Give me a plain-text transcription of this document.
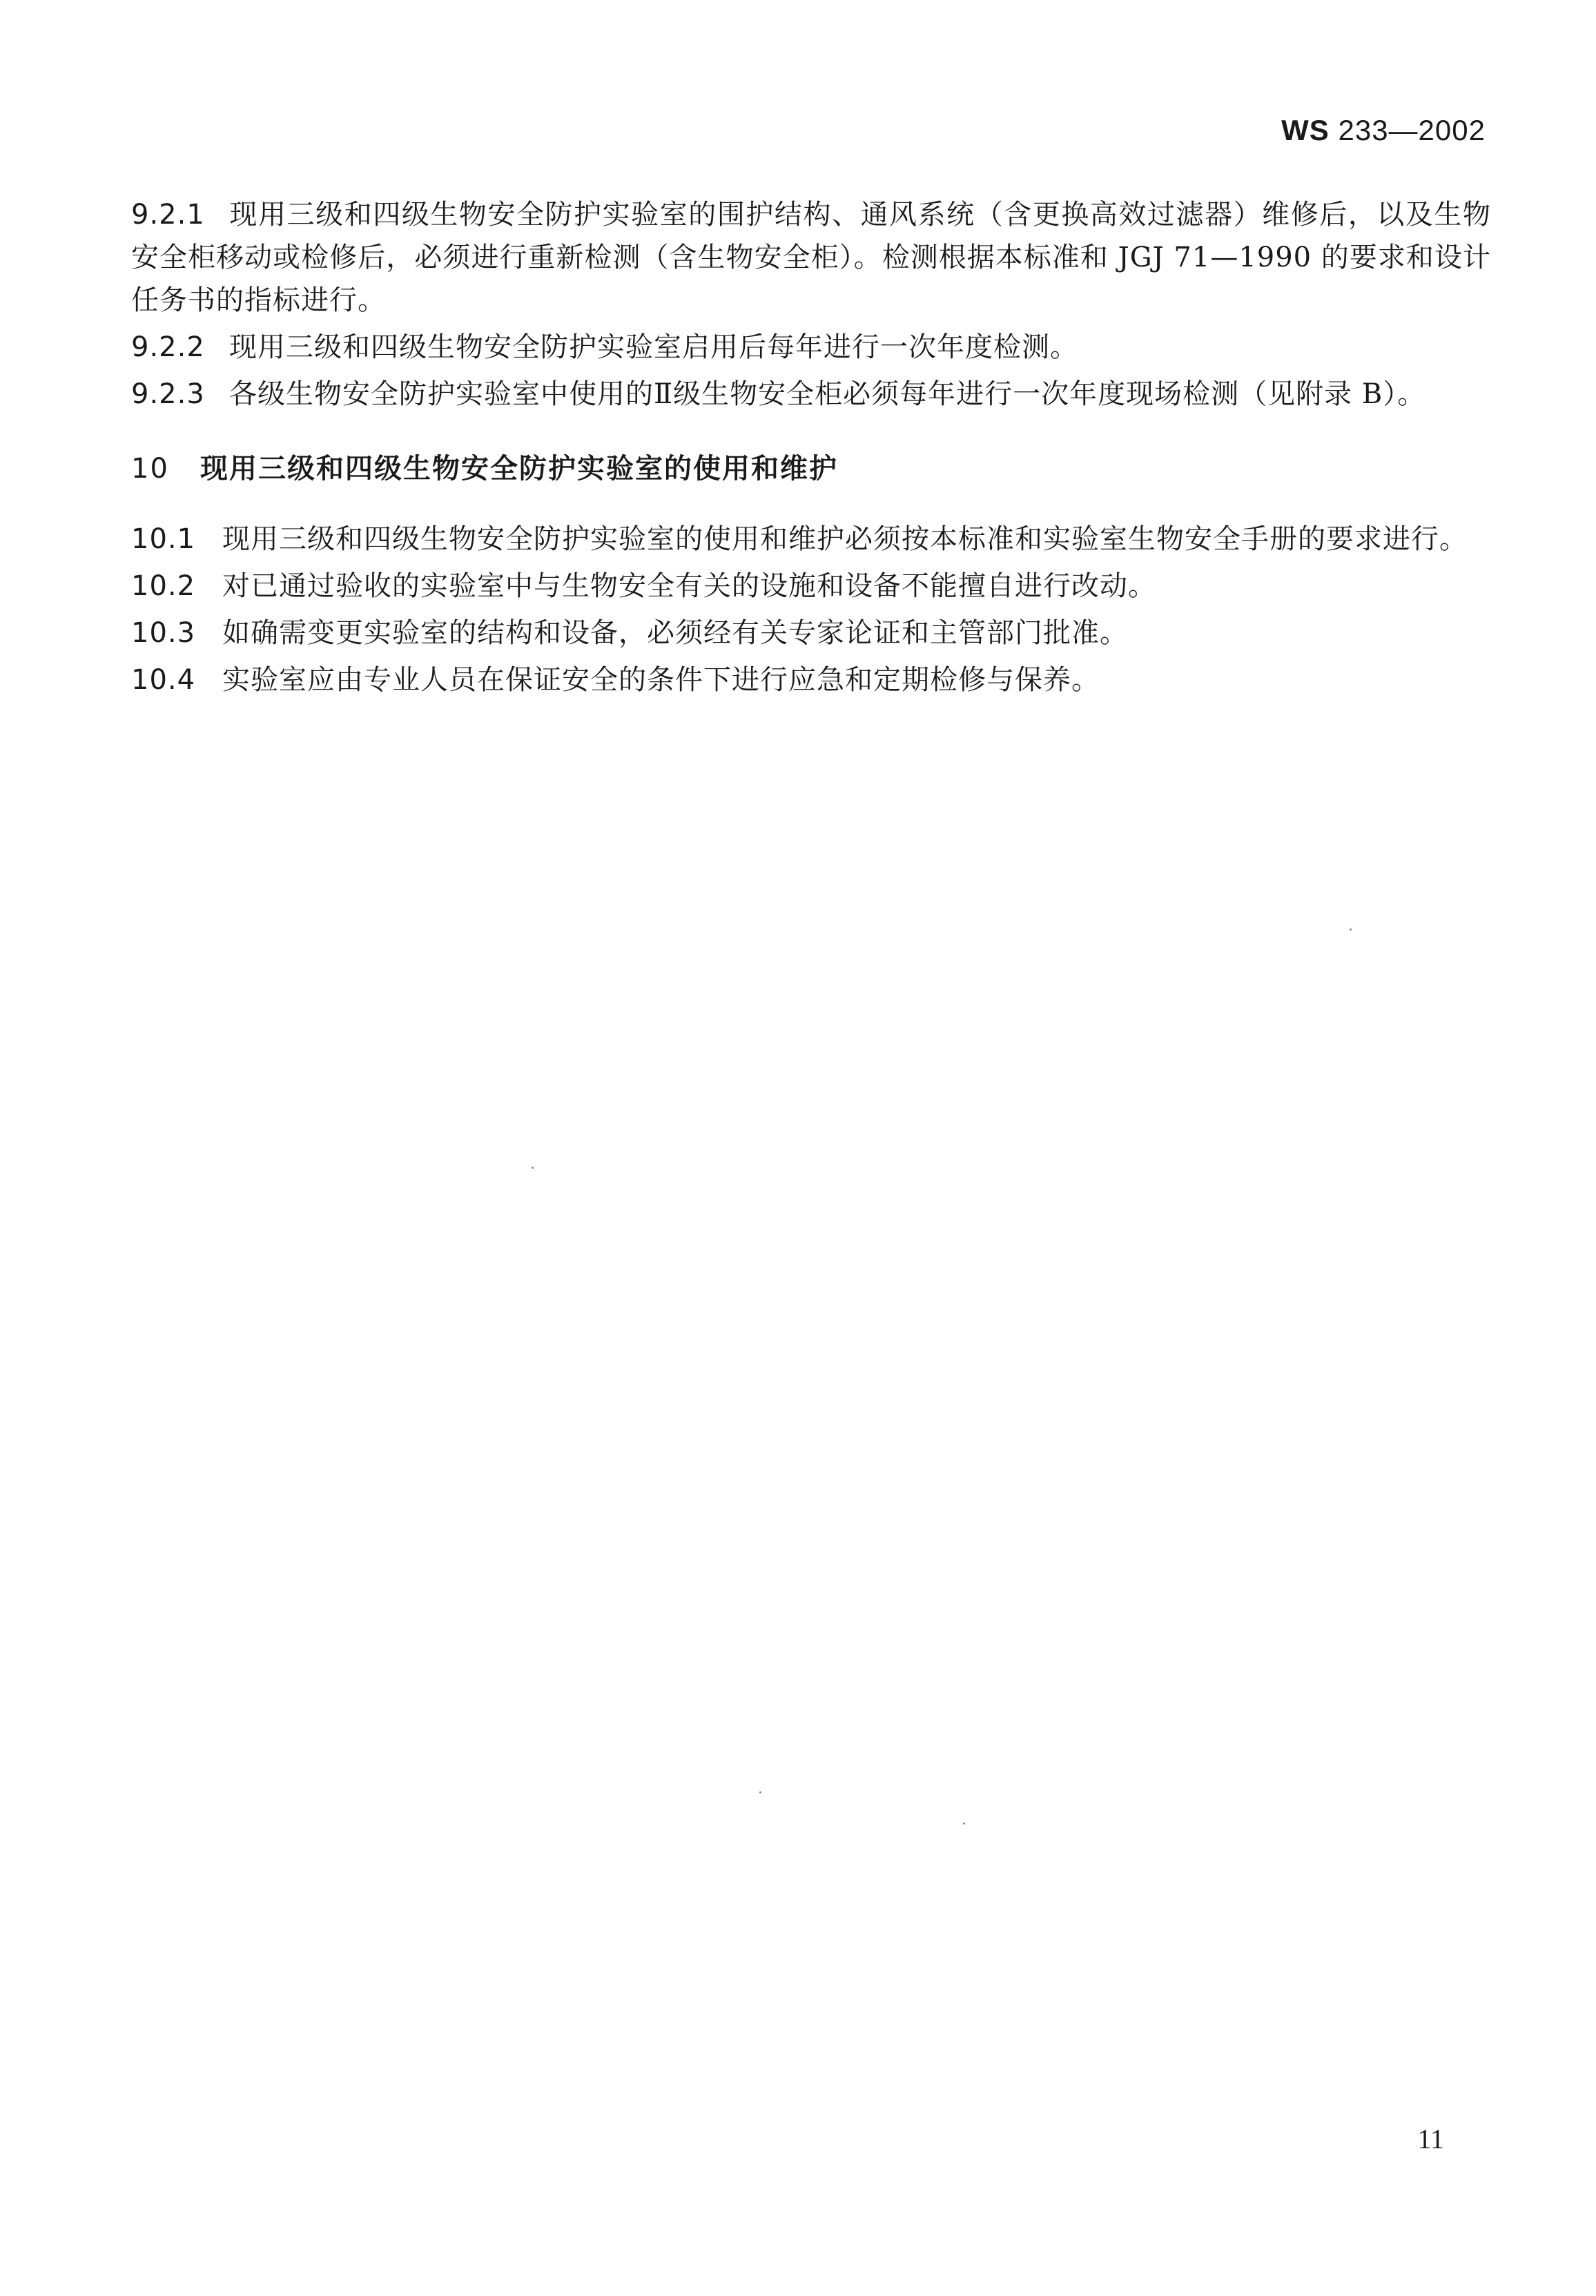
WS 233—2002

9.2.1 现用三级和四级生物安全防护实验室的围护结构、通风系统（含更换高效过滤器）维修后，以及生物安全柜移动或检修后，必须进行重新检测（含生物安全柜）。检测根据本标准和 JGJ 71—1990 的要求和设计任务书的指标进行。

9.2.2 现用三级和四级生物安全防护实验室启用后每年进行一次年度检测。

9.2.3 各级生物安全防护实验室中使用的Ⅱ级生物安全柜必须每年进行一次年度现场检测（见附录 B）。

10 现用三级和四级生物安全防护实验室的使用和维护

10.1 现用三级和四级生物安全防护实验室的使用和维护必须按本标准和实验室生物安全手册的要求进行。

10.2 对已通过验收的实验室中与生物安全有关的设施和设备不能擅自进行改动。

10.3 如确需变更实验室的结构和设备，必须经有关专家论证和主管部门批准。

10.4 实验室应由专业人员在保证安全的条件下进行应急和定期检修与保养。

11
